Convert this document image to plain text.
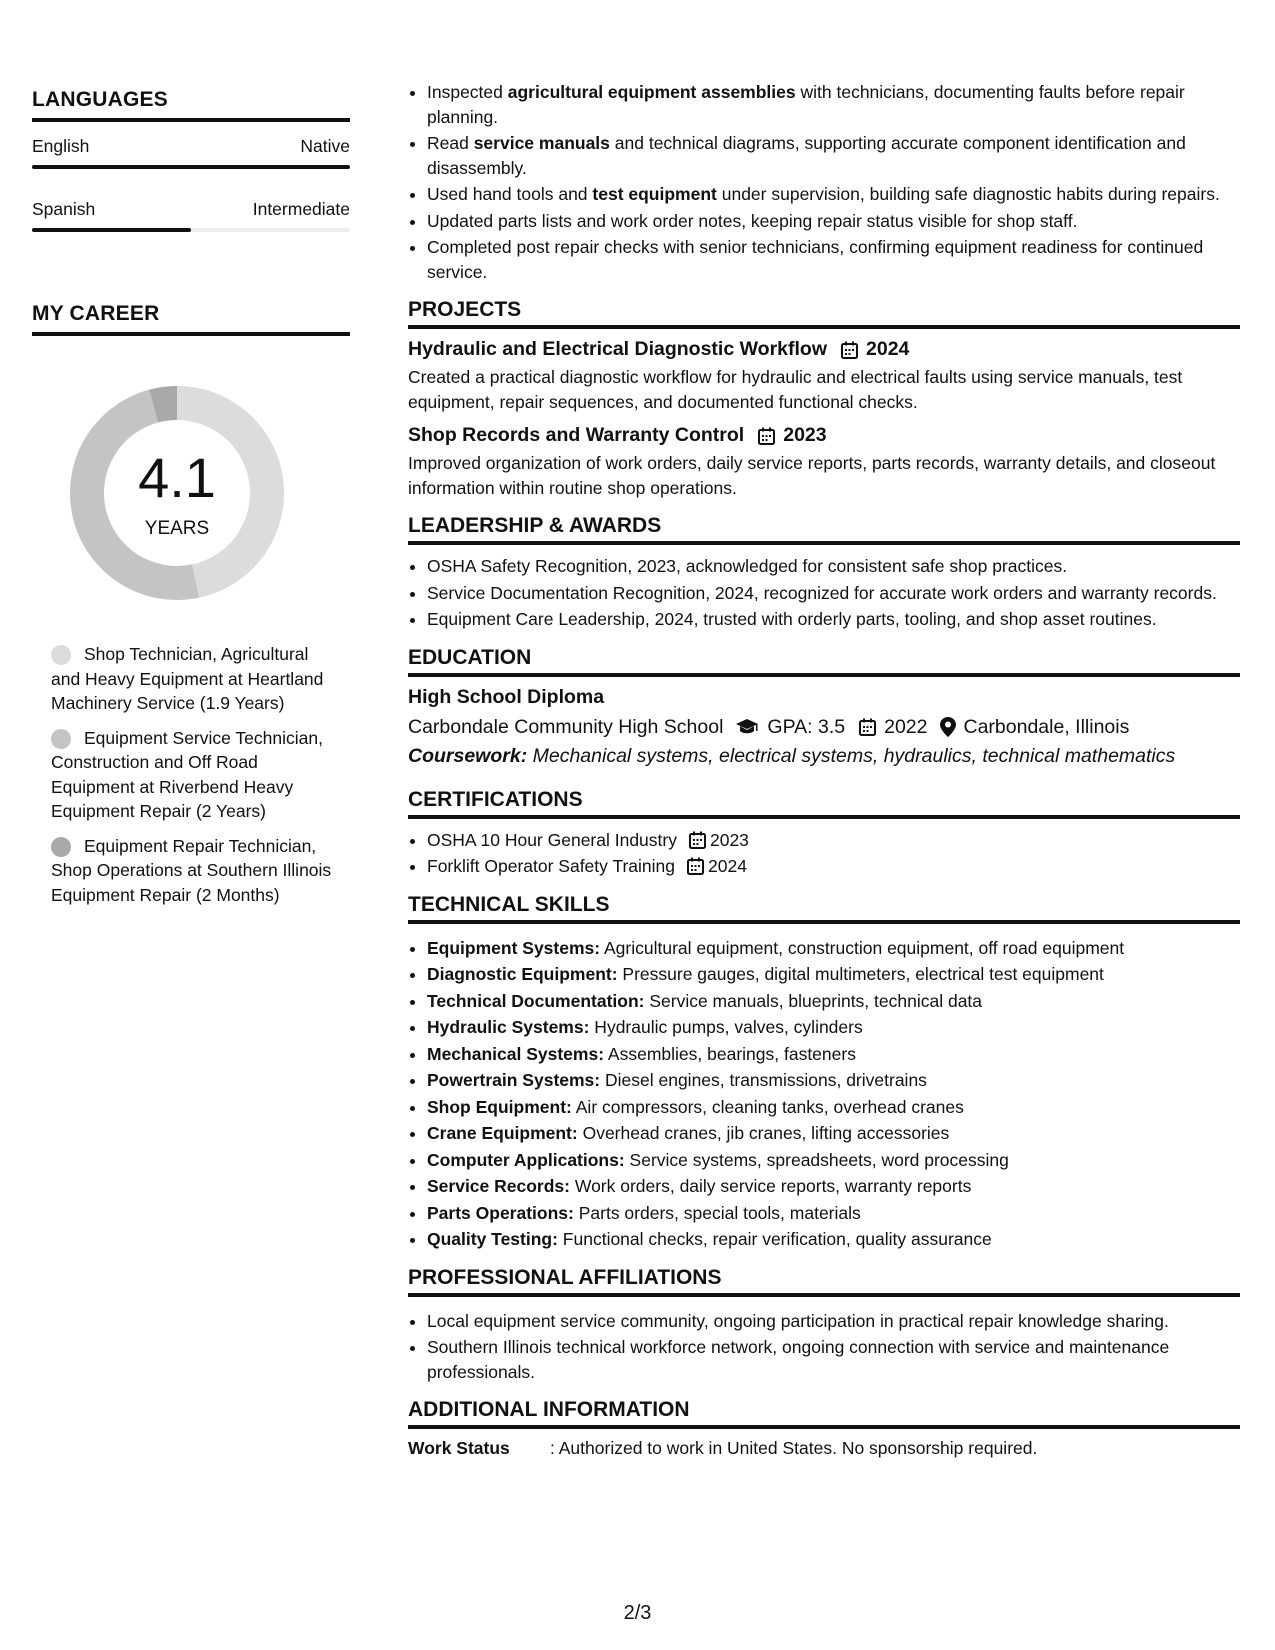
LANGUAGES
English	Native
Spanish	Intermediate
MY CAREER
4.1
YEARS
Shop Technician, Agricultural and Heavy Equipment at Heartland Machinery Service (1.9 Years)
Equipment Service Technician, Construction and Off Road Equipment at Riverbend Heavy Equipment Repair (2 Years)
Equipment Repair Technician, Shop Operations at Southern Illinois Equipment Repair (2 Months)
• Inspected agricultural equipment assemblies with technicians, documenting faults before repair planning.
• Read service manuals and technical diagrams, supporting accurate component identification and disassembly.
• Used hand tools and test equipment under supervision, building safe diagnostic habits during repairs.
• Updated parts lists and work order notes, keeping repair status visible for shop staff.
• Completed post repair checks with senior technicians, confirming equipment readiness for continued service.
PROJECTS
Hydraulic and Electrical Diagnostic Workflow 2024
Created a practical diagnostic workflow for hydraulic and electrical faults using service manuals, test equipment, repair sequences, and documented functional checks.
Shop Records and Warranty Control 2023
Improved organization of work orders, daily service reports, parts records, warranty details, and closeout information within routine shop operations.
LEADERSHIP & AWARDS
• OSHA Safety Recognition, 2023, acknowledged for consistent safe shop practices.
• Service Documentation Recognition, 2024, recognized for accurate work orders and warranty records.
• Equipment Care Leadership, 2024, trusted with orderly parts, tooling, and shop asset routines.
EDUCATION
High School Diploma
Carbondale Community High School GPA: 3.5 2022 Carbondale, Illinois
Coursework: Mechanical systems, electrical systems, hydraulics, technical mathematics
CERTIFICATIONS
• OSHA 10 Hour General Industry 2023
• Forklift Operator Safety Training 2024
TECHNICAL SKILLS
• Equipment Systems: Agricultural equipment, construction equipment, off road equipment
• Diagnostic Equipment: Pressure gauges, digital multimeters, electrical test equipment
• Technical Documentation: Service manuals, blueprints, technical data
• Hydraulic Systems: Hydraulic pumps, valves, cylinders
• Mechanical Systems: Assemblies, bearings, fasteners
• Powertrain Systems: Diesel engines, transmissions, drivetrains
• Shop Equipment: Air compressors, cleaning tanks, overhead cranes
• Crane Equipment: Overhead cranes, jib cranes, lifting accessories
• Computer Applications: Service systems, spreadsheets, word processing
• Service Records: Work orders, daily service reports, warranty reports
• Parts Operations: Parts orders, special tools, materials
• Quality Testing: Functional checks, repair verification, quality assurance
PROFESSIONAL AFFILIATIONS
• Local equipment service community, ongoing participation in practical repair knowledge sharing.
• Southern Illinois technical workforce network, ongoing connection with service and maintenance professionals.
ADDITIONAL INFORMATION
Work Status	: Authorized to work in United States. No sponsorship required.
2/3
